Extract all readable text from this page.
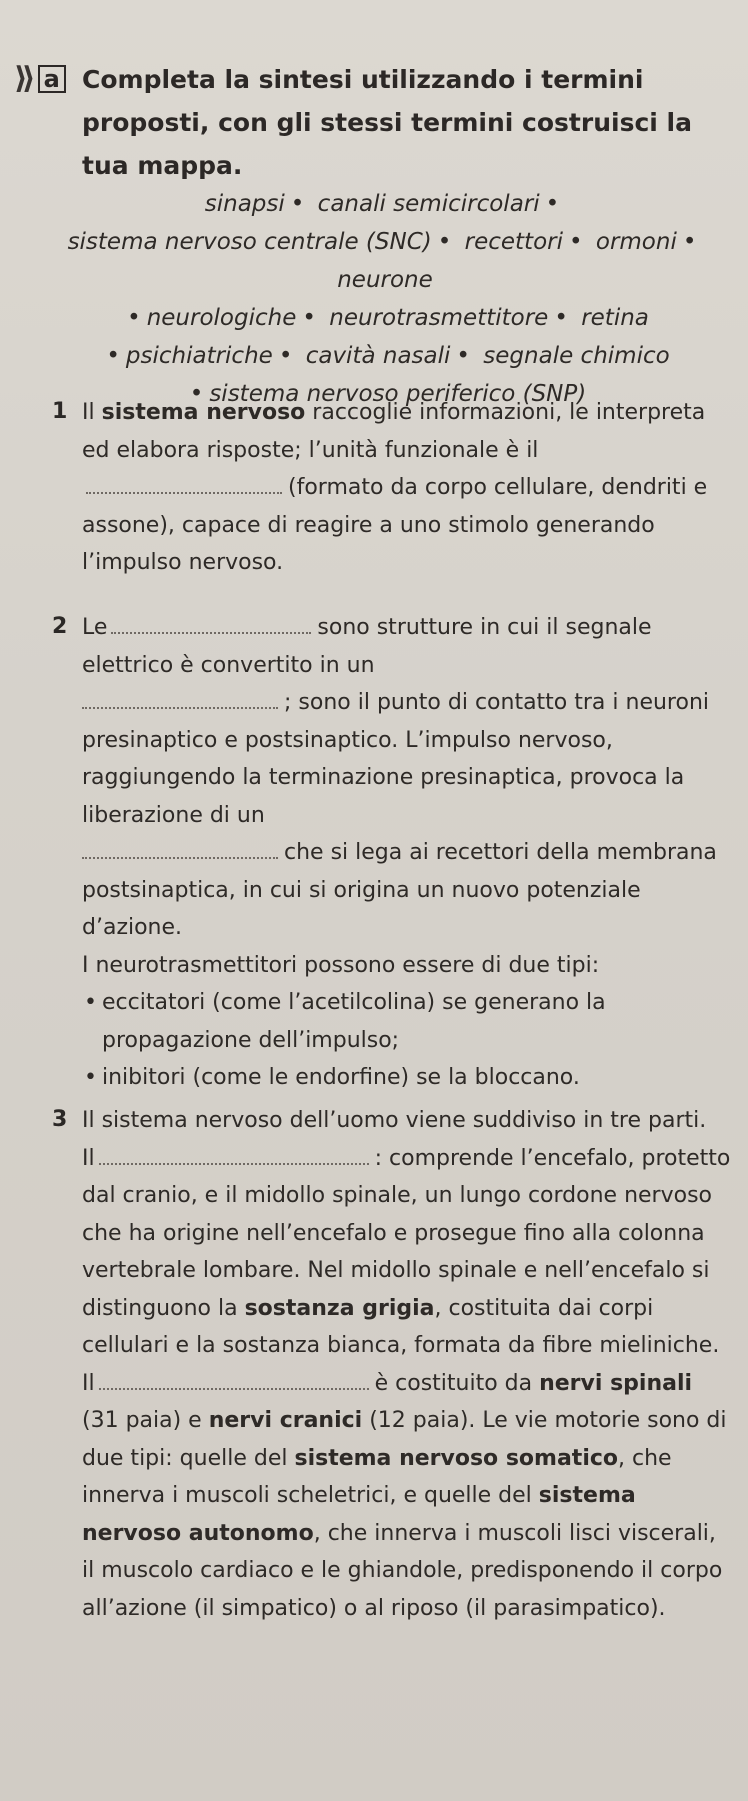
⟫ a Completa la sintesi utilizzando i termini proposti, con gli stessi termini costruisci la tua mappa.
sinapsi • canali semicircolari • sistema nervoso centrale (SNC) • recettori • ormoni • neurone
• neurologiche • neurotrasmettitore • retina
• psichiatriche • cavità nasali • segnale chimico
• sistema nervoso periferico (SNP)
1 Il sistema nervoso raccoglie informazioni, le interpreta ed elabora risposte; l’unità funzionale è il(formato da corpo cellulare, dendriti e assone), capace di reagire a uno stimolo generando l’impulso nervoso.
2 Le	sono strutture in cui il segnale elettrico è convertito in un
; sono il punto di contatto tra i neuroni presinaptico e postsinaptico. L’impulso nervoso, raggiungendo la terminazione presinaptica, provoca la liberazione di un
che si lega ai recettori della membrana postsinaptica, in cui si origina un nuovo potenziale d’azione.
I neurotrasmettitori possono essere di due tipi:
• eccitatori (come l’acetilcolina) se generano la propagazione dell’impulso;
• inibitori (come le endorfine) se la bloccano.
3 Il sistema nervoso dell’uomo viene suddiviso in tre parti.
Il	: comprende l’encefalo, protetto dal cranio, e il midollo spinale, un lungo cordone nervoso che ha origine nell’encefalo e prosegue fino alla colonna vertebrale lombare. Nel midollo spinale e nell’encefalo si distinguono la sostanza grigia, costituita dai corpi cellulari e la sostanza bianca, formata da fibre mieliniche.
Il	è costituito da nervi spinali (31 paia) e nervi cranici (12 paia). Le vie motorie sono di due tipi: quelle del sistema nervoso somatico, che innerva i muscoli scheletrici, e quelle del sistema nervoso autonomo, che innerva i muscoli lisci viscerali, il muscolo cardiaco e le ghiandole, predisponendo il corpo all’azione (il simpatico) o al riposo (il parasimpatico).
